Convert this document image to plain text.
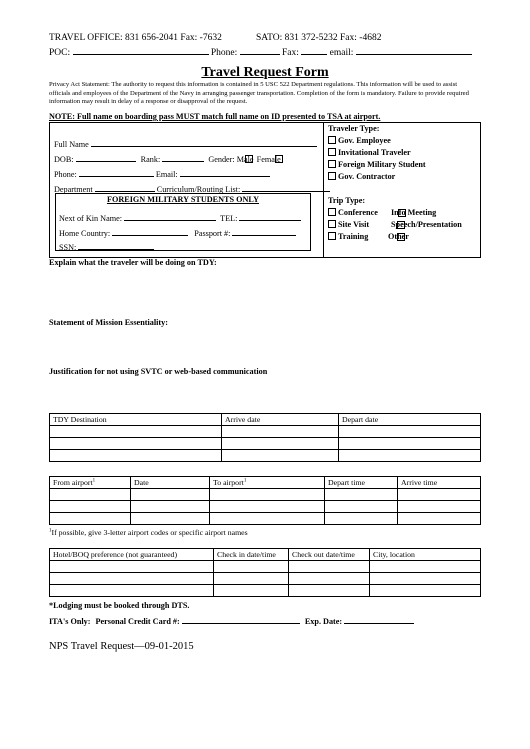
TRAVEL OFFICE: 831 656-2041 Fax: -7632	SATO: 831 372-5232 Fax: -4682
POC:	Phone:	Fax:	email:
Travel Request Form
Privacy Act Statement: The authority to request this information is contained in 5 USC 522 Department regulations. This information will be used to assist officials and employees of the Department of the Navy in arranging passenger transportation. Completion of the form is mandatory. Failure to provide required information may result in delay of a response or disapproval of the request.
NOTE: Full name on boarding pass MUST match full name on ID presented to TSA at airport.
Full Name
DOB:	Rank:	Gender: Male Female
Phone:	Email:
Department	Curriculum/Routing List:
FOREIGN MILITARY STUDENTS ONLY
Next of Kin Name:	TEL:
Home Country:	Passport #:
SSN:
Traveler Type:
Gov. Employee
Invitational Traveler
Foreign Military Student
Gov. Contractor
Trip Type:
Conference Info Meeting
Site Visit	Speech/Presentation
Training Other
Explain what the traveler will be doing on TDY:
Statement of Mission Essentiality:
Justification for not using SVTC or web-based communication
TDY Destination	Arrive date	Depart date

From airport$^1$	Date	To airport$^1$	Depart time	Arrive time

$^1$If possible, give 3-letter airport codes or specific airport names
Hotel/BOQ preference (not guaranteed)	Check in date/time	Check out date/time	City, location

*Lodging must be booked through DTS.
ITA's Only: Personal Credit Card #:	Exp. Date:
NPS Travel Request—09-01-2015
